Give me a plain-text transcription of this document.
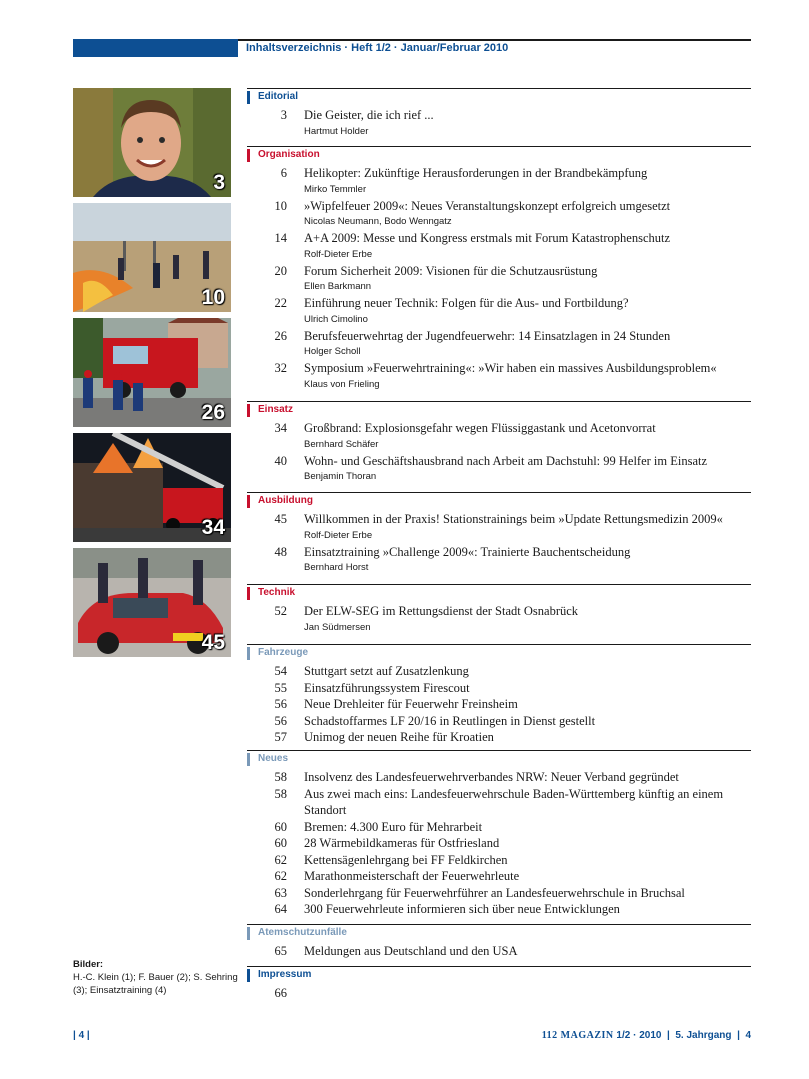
Inhaltsverzeichnis · Heft 1/2 · Januar/Februar 2010
3
10
26
34
45
Bilder:
H.-C. Klein (1); F. Bauer (2); S. Sehring (3); Einsatztraining (4)
Editorial
3 Die Geister, die ich rief ...
Hartmut Holder
Organisation
6 Helikopter: Zukünftige Herausforderungen in der Brandbekämpfung
Mirko Temmler
10 »Wipfelfeuer 2009«: Neues Veranstaltungskonzept erfolgreich umgesetzt
Nicolas Neumann, Bodo Wenngatz
14 A+A 2009: Messe und Kongress erstmals mit Forum Katastrophenschutz
Rolf-Dieter Erbe
20 Forum Sicherheit 2009: Visionen für die Schutzausrüstung
Ellen Barkmann
22 Einführung neuer Technik: Folgen für die Aus- und Fortbildung?
Ulrich Cimolino
26 Berufsfeuerwehrtag der Jugendfeuerwehr: 14 Einsatzlagen in 24 Stunden
Holger Scholl
32 Symposium »Feuerwehrtraining«: »Wir haben ein massives Ausbildungsproblem«
Klaus von Frieling
Einsatz
34 Großbrand: Explosionsgefahr wegen Flüssiggastank und Acetonvorrat
Bernhard Schäfer
40 Wohn- und Geschäftshausbrand nach Arbeit am Dachstuhl: 99 Helfer im Einsatz
Benjamin Thoran
Ausbildung
45 Willkommen in der Praxis! Stationstrainings beim »Update Rettungsmedizin 2009«
Rolf-Dieter Erbe
48 Einsatztraining »Challenge 2009«: Trainierte Bauchentscheidung
Bernhard Horst
Technik
52 Der ELW-SEG im Rettungsdienst der Stadt Osnabrück
Jan Südmersen
Fahrzeuge
54 Stuttgart setzt auf Zusatzlenkung
55 Einsatzführungssystem Firescout
56 Neue Drehleiter für Feuerwehr Freinsheim
56 Schadstoffarmes LF 20/16 in Reutlingen in Dienst gestellt
57 Unimog der neuen Reihe für Kroatien
Neues
58 Insolvenz des Landesfeuerwehrverbandes NRW: Neuer Verband gegründet
58 Aus zwei mach eins: Landesfeuerwehrschule Baden-Württemberg künftig an einem Standort
60 Bremen: 4.300 Euro für Mehrarbeit
60 28 Wärmebildkameras für Ostfriesland
62 Kettensägenlehrgang bei FF Feldkirchen
62 Marathonmeisterschaft der Feuerwehrleute
63 Sonderlehrgang für Feuerwehrführer an Landesfeuerwehrschule in Bruchsal
64 300 Feuerwehrleute informieren sich über neue Entwicklungen
Atemschutzunfälle
65 Meldungen aus Deutschland und den USA
Impressum
66
| 4 |	112 MAGAZIN 1/2 · 2010  |  5. Jahrgang  |  4
